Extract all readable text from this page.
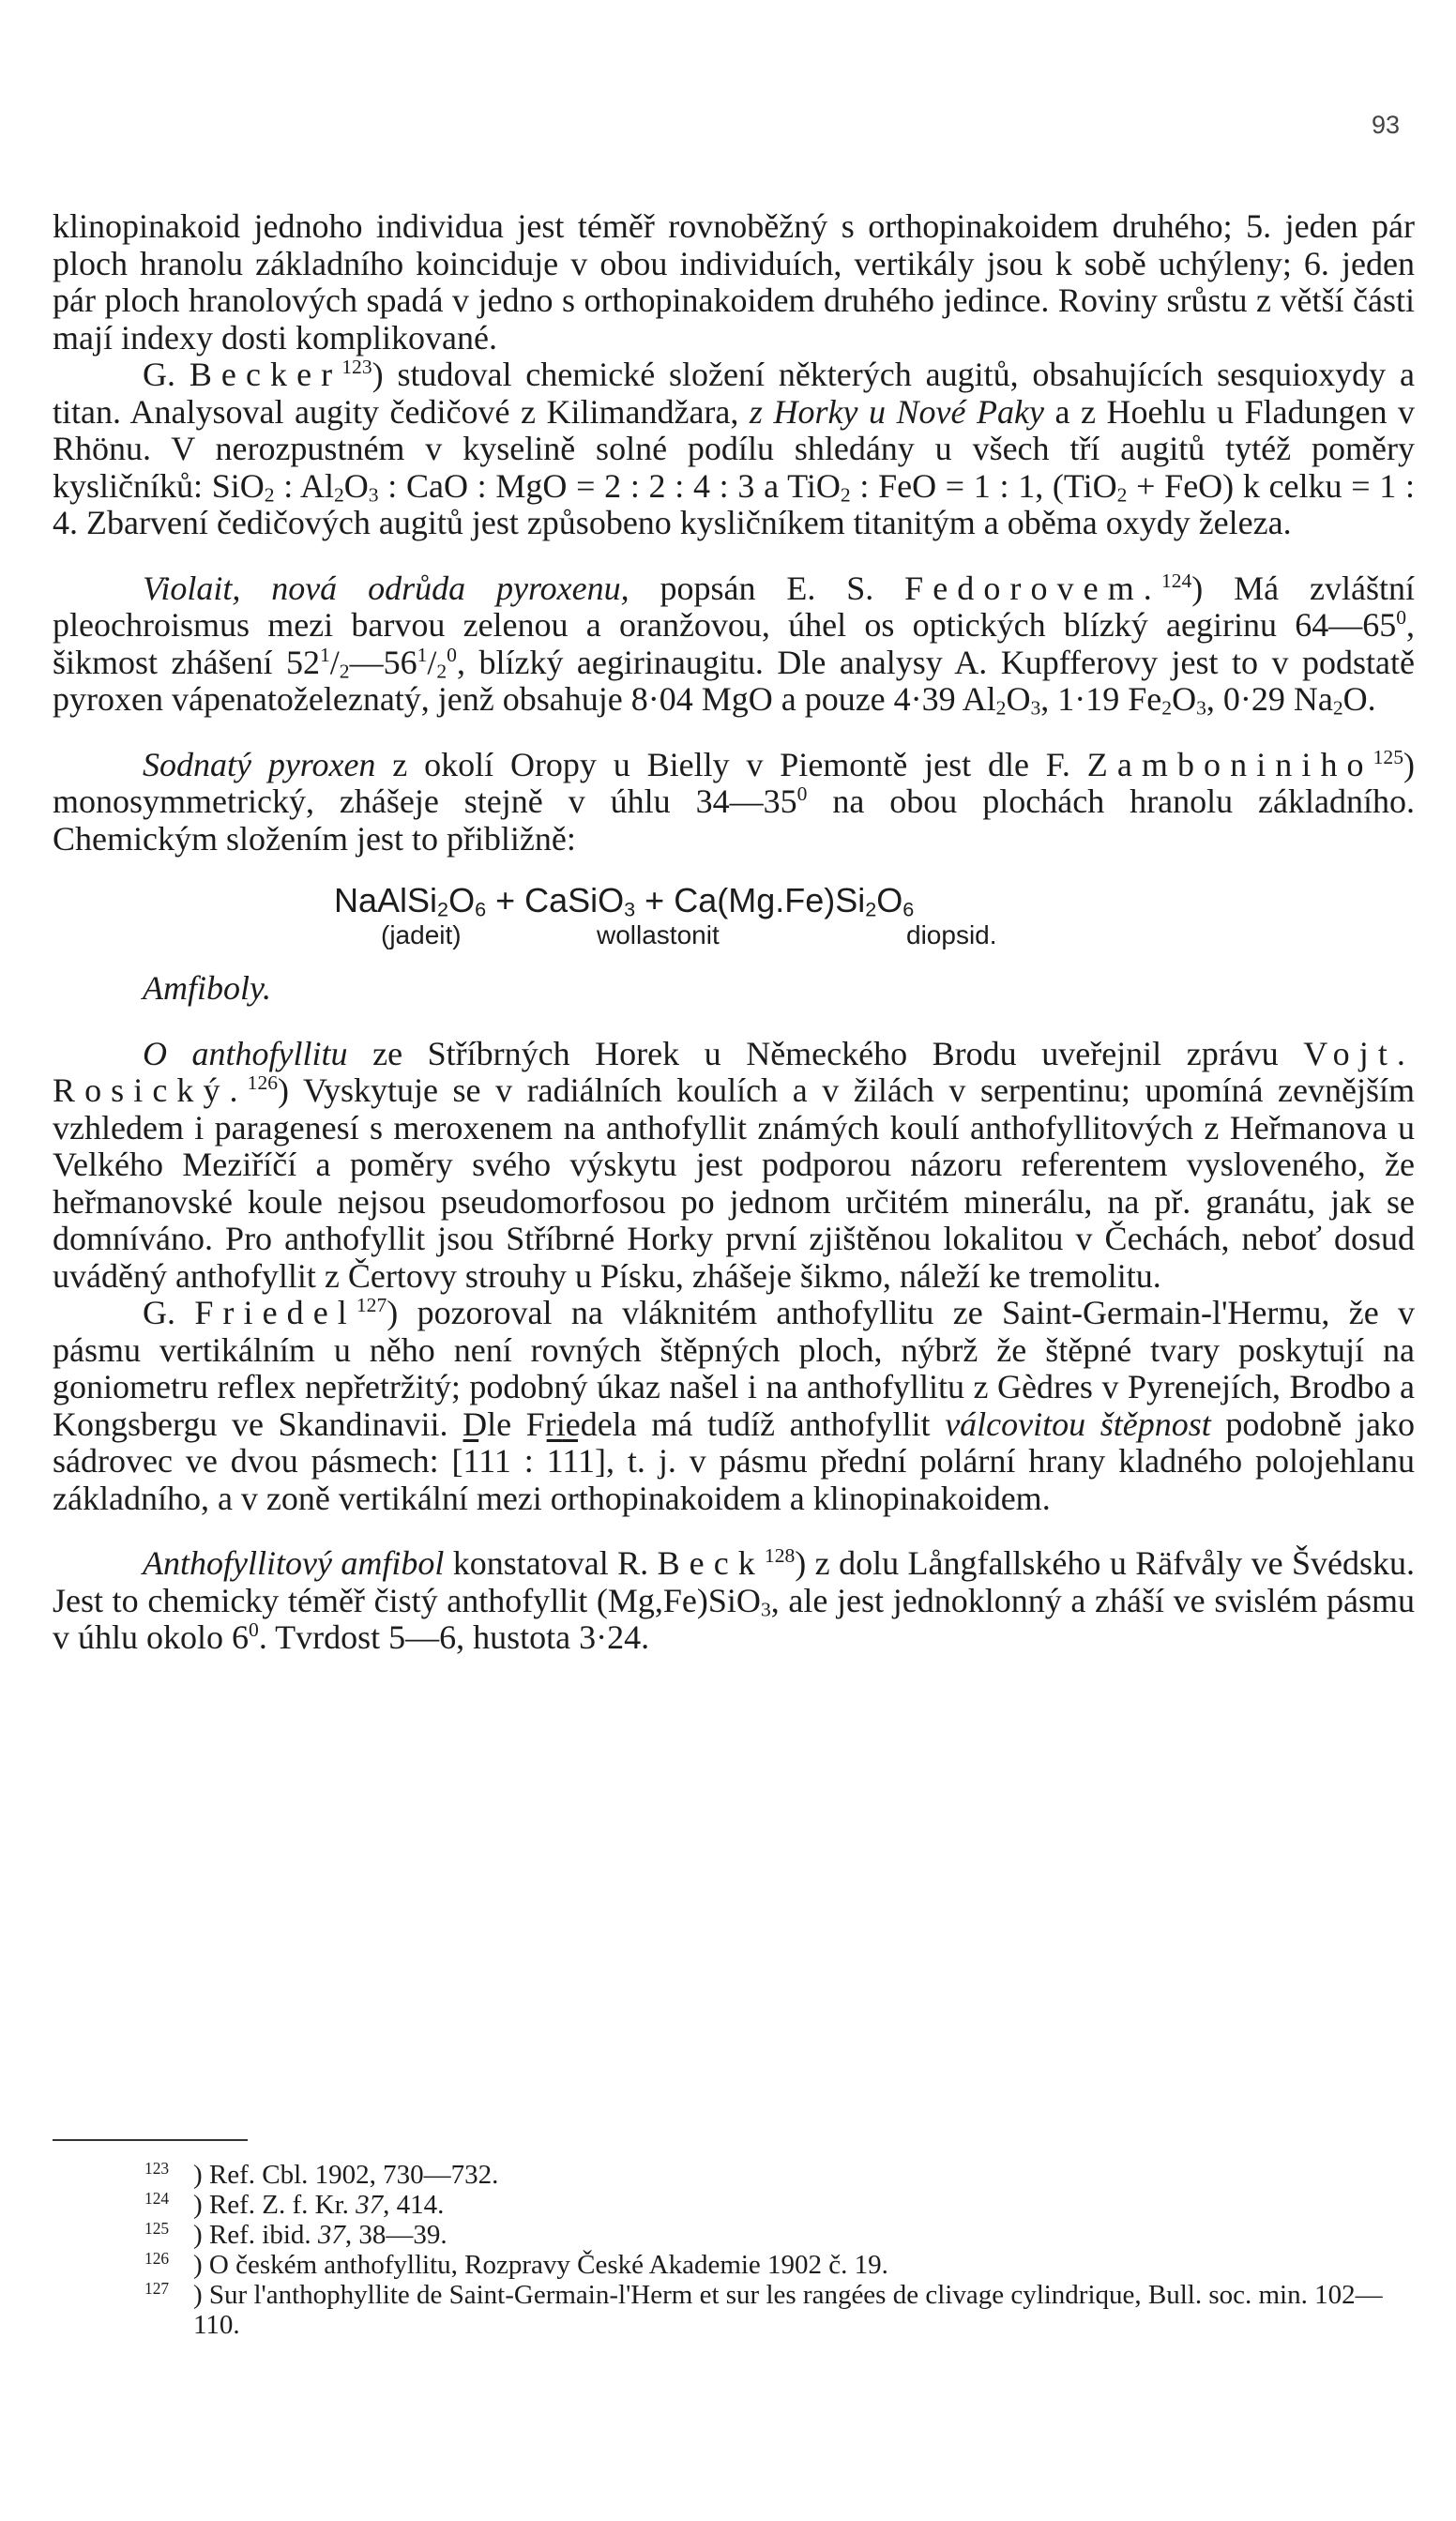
93

klinopinakoid jednoho individua jest téměř rovnoběžný s orthopinakoidem druhého; 5. jeden pár ploch hranolu základního koinciduje v obou individuích, vertikály jsou k sobě uchýleny; 6. jeden pár ploch hranolových spadá v jedno s orthopinakoidem druhého jedince. Roviny srůstu z větší části mají indexy dosti komplikované.

G. Becker$^{123}$) studoval chemické složení některých augitů, obsahujících sesquioxydy a titan. Analysoval augity čedičové z Kilimandžara, z Horky u Nové Paky a z Hoehlu u Fladungen v Rhönu. V nerozpustném v kyselině solné podílu shledány u všech tří augitů tytéž poměry kysličníků: SiO$_2$ : $Al_2O_3$ : CaO : MgO = 2 : 2 : 4 : 3 a TiO$_2$ : FeO = 1 : 1, (TiO$_2$ + FeO) k celku = 1 : 4. Zbarvení čedičových augitů jest způsobeno kysličníkem titanitým a oběma oxydy železa.

Violait, nová odrůda pyroxenu, popsán E. S. Fedorovem.$^{124}$) Má zvláštní pleochroismus mezi barvou zelenou a oranžovou, úhel os optických blízký aegirinu $64—65^0$, šikmost zhášení $52^1/_2—56^1/_2^0$, blízký aegirinaugitu. Dle analysy A. Kupfferovy jest to v podstatě pyroxen vápenatoželeznatý, jenž obsahuje 8·04 MgO a pouze 4·39 $Al_2O_3$, 1·19 $Fe_2O_3$, 0·29 $Na_2O$.

Sodnatý pyroxen z okolí Oropy u Bielly v Piemontě jest dle F. Zamboniniho$^{125}$) monosymmetrický, zhášeje stejně v úhlu $34—35^0$ na obou plochách hranolu základního. Chemickým složením jest to přibližně:

$NaAlSi_2O_6$ + CaSiO$_3$ + $Ca(Mg.Fe)Si_2O_6$
(jadeit)	wollastonit	diopsid.

Amfiboly.

O anthofyllitu ze Stříbrných Horek u Německého Brodu uveřejnil zprávu Vojt. Rosický.$^{126}$) Vyskytuje se v radiálních koulích a v žilách v serpentinu; upomíná zevnějším vzhledem i paragenesí s meroxenem na anthofyllit známých koulí anthofyllitových z Heřmanova u Velkého Meziříčí a poměry svého výskytu jest podporou názoru referentem vysloveného, že heřmanovské koule nejsou pseudomorfosou po jednom určitém minerálu, na př. granátu, jak se domníváno. Pro anthofyllit jsou Stříbrné Horky první zjištěnou lokalitou v Čechách, neboť dosud uváděný anthofyllit z Čertovy strouhy u Písku, zhášeje šikmo, náleží ke tremolitu.

G. Friedel$^{127}$) pozoroval na vláknitém anthofyllitu ze Saint-Germain-l'Hermu, že v pásmu vertikálním u něho není rovných štěpných ploch, nýbrž že štěpné tvary poskytují na goniometru reflex nepřetržitý; podobný úkaz našel i na anthofyllitu z Gèdres v Pyrenejích, Brodbo a Kongsbergu ve Skandinavii. Dle Friedela má tudíž anthofyllit válcovitou štěpnost podobně jako sádrovec ve dvou pásmech: [111 : 111], t. j. v pásmu přední polární hrany kladného polojehlanu základního, a v zoně vertikální mezi orthopinakoidem a klinopinakoidem.

Anthofyllitový amfibol konstatoval R. Beck$^{128}$) z dolu Långfallského u Räfvåly ve Švédsku. Jest to chemicky téměř čistý anthofyllit (Mg,Fe)SiO$_3$, ale jest jednoklonný a zháší ve svislém pásmu v úhlu okolo $6^0$. Tvrdost 5—6, hustota 3·24.

$^{123}$ ) Ref. Cbl. 1902, 730—732.

$^{124}$ ) Ref. Z. f. Kr. 37, 414.

$^{125}$ ) Ref. ibid. 37, 38—39.

$^{126}$ ) O českém anthofyllitu, Rozpravy České Akademie 1902 č. 19.

$^{127}$ ) Sur l'anthophyllite de Saint-Germain-l'Herm et sur les rangées de clivage cylindrique, Bull. soc. min. 102—110.
